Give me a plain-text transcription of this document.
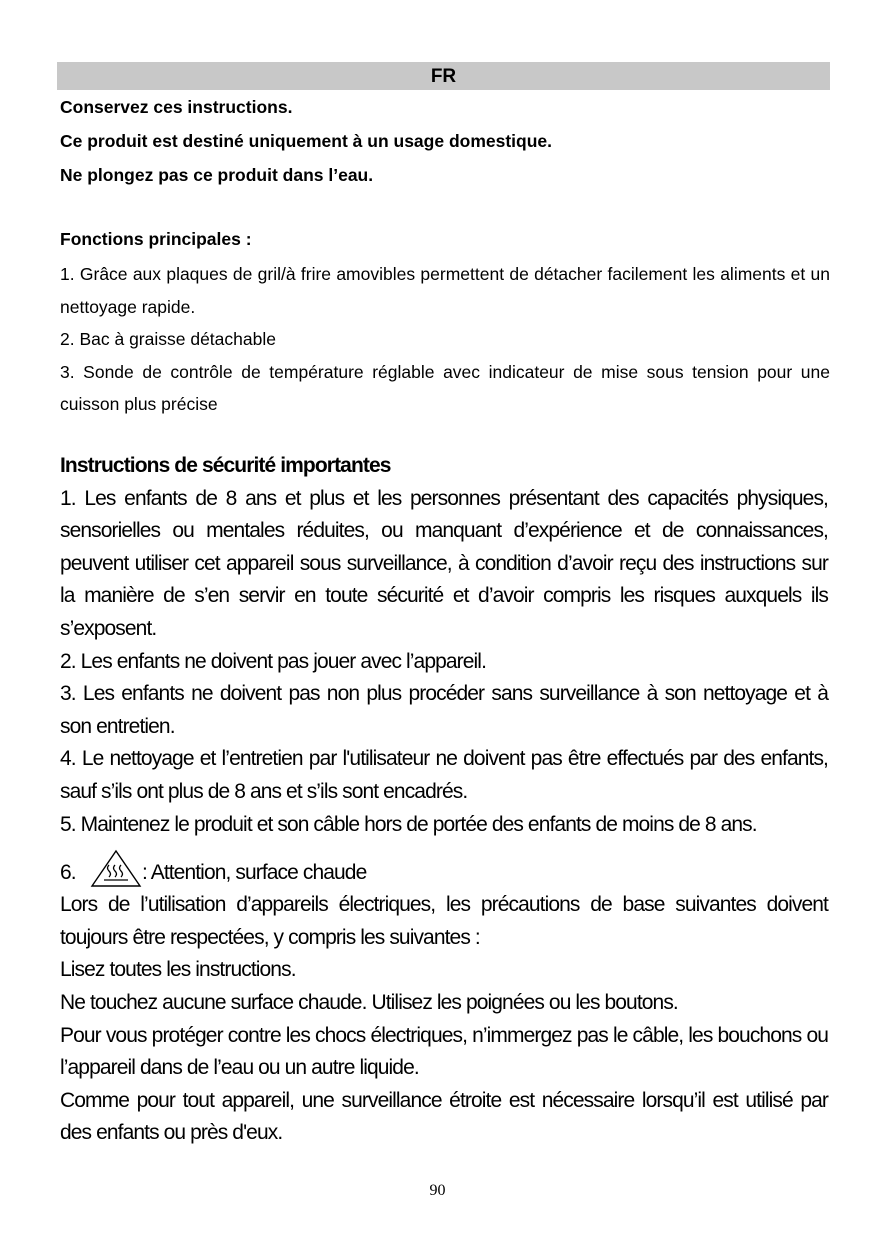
FR

Conservez ces instructions.

Ce produit est destiné uniquement à un usage domestique.

Ne plongez pas ce produit dans l’eau.

Fonctions principales :

1. Grâce aux plaques de gril/à frire amovibles permettent de détacher facilement les aliments et un nettoyage rapide.

2. Bac à graisse détachable

3. Sonde de contrôle de température réglable avec indicateur de mise sous tension pour une cuisson plus précise

Instructions de sécurité importantes

1. Les enfants de 8 ans et plus et les personnes présentant des capacités physiques, sensorielles ou mentales réduites, ou manquant d’expérience et de connaissances, peuvent utiliser cet appareil sous surveillance, à condition d’avoir reçu des instructions sur la manière de s’en servir en toute sécurité et d’avoir compris les risques auxquels ils s’exposent.

2. Les enfants ne doivent pas jouer avec l’appareil.

3. Les enfants ne doivent pas non plus procéder sans surveillance à son nettoyage et à son entretien.

4. Le nettoyage et l’entretien par l'utilisateur ne doivent pas être effectués par des enfants, sauf s’ils ont plus de 8 ans et s’ils sont encadrés.

5. Maintenez le produit et son câble hors de portée des enfants de moins de 8 ans.

6.	: Attention, surface chaude

Lors de l’utilisation d’appareils électriques, les précautions de base suivantes doivent toujours être respectées, y compris les suivantes :

Lisez toutes les instructions.

Ne touchez aucune surface chaude. Utilisez les poignées ou les boutons.

Pour vous protéger contre les chocs électriques, n’immergez pas le câble, les bouchons ou l’appareil dans de l’eau ou un autre liquide.

Comme pour tout appareil, une surveillance étroite est nécessaire lorsqu’il est utilisé par des enfants ou près d'eux.

90
